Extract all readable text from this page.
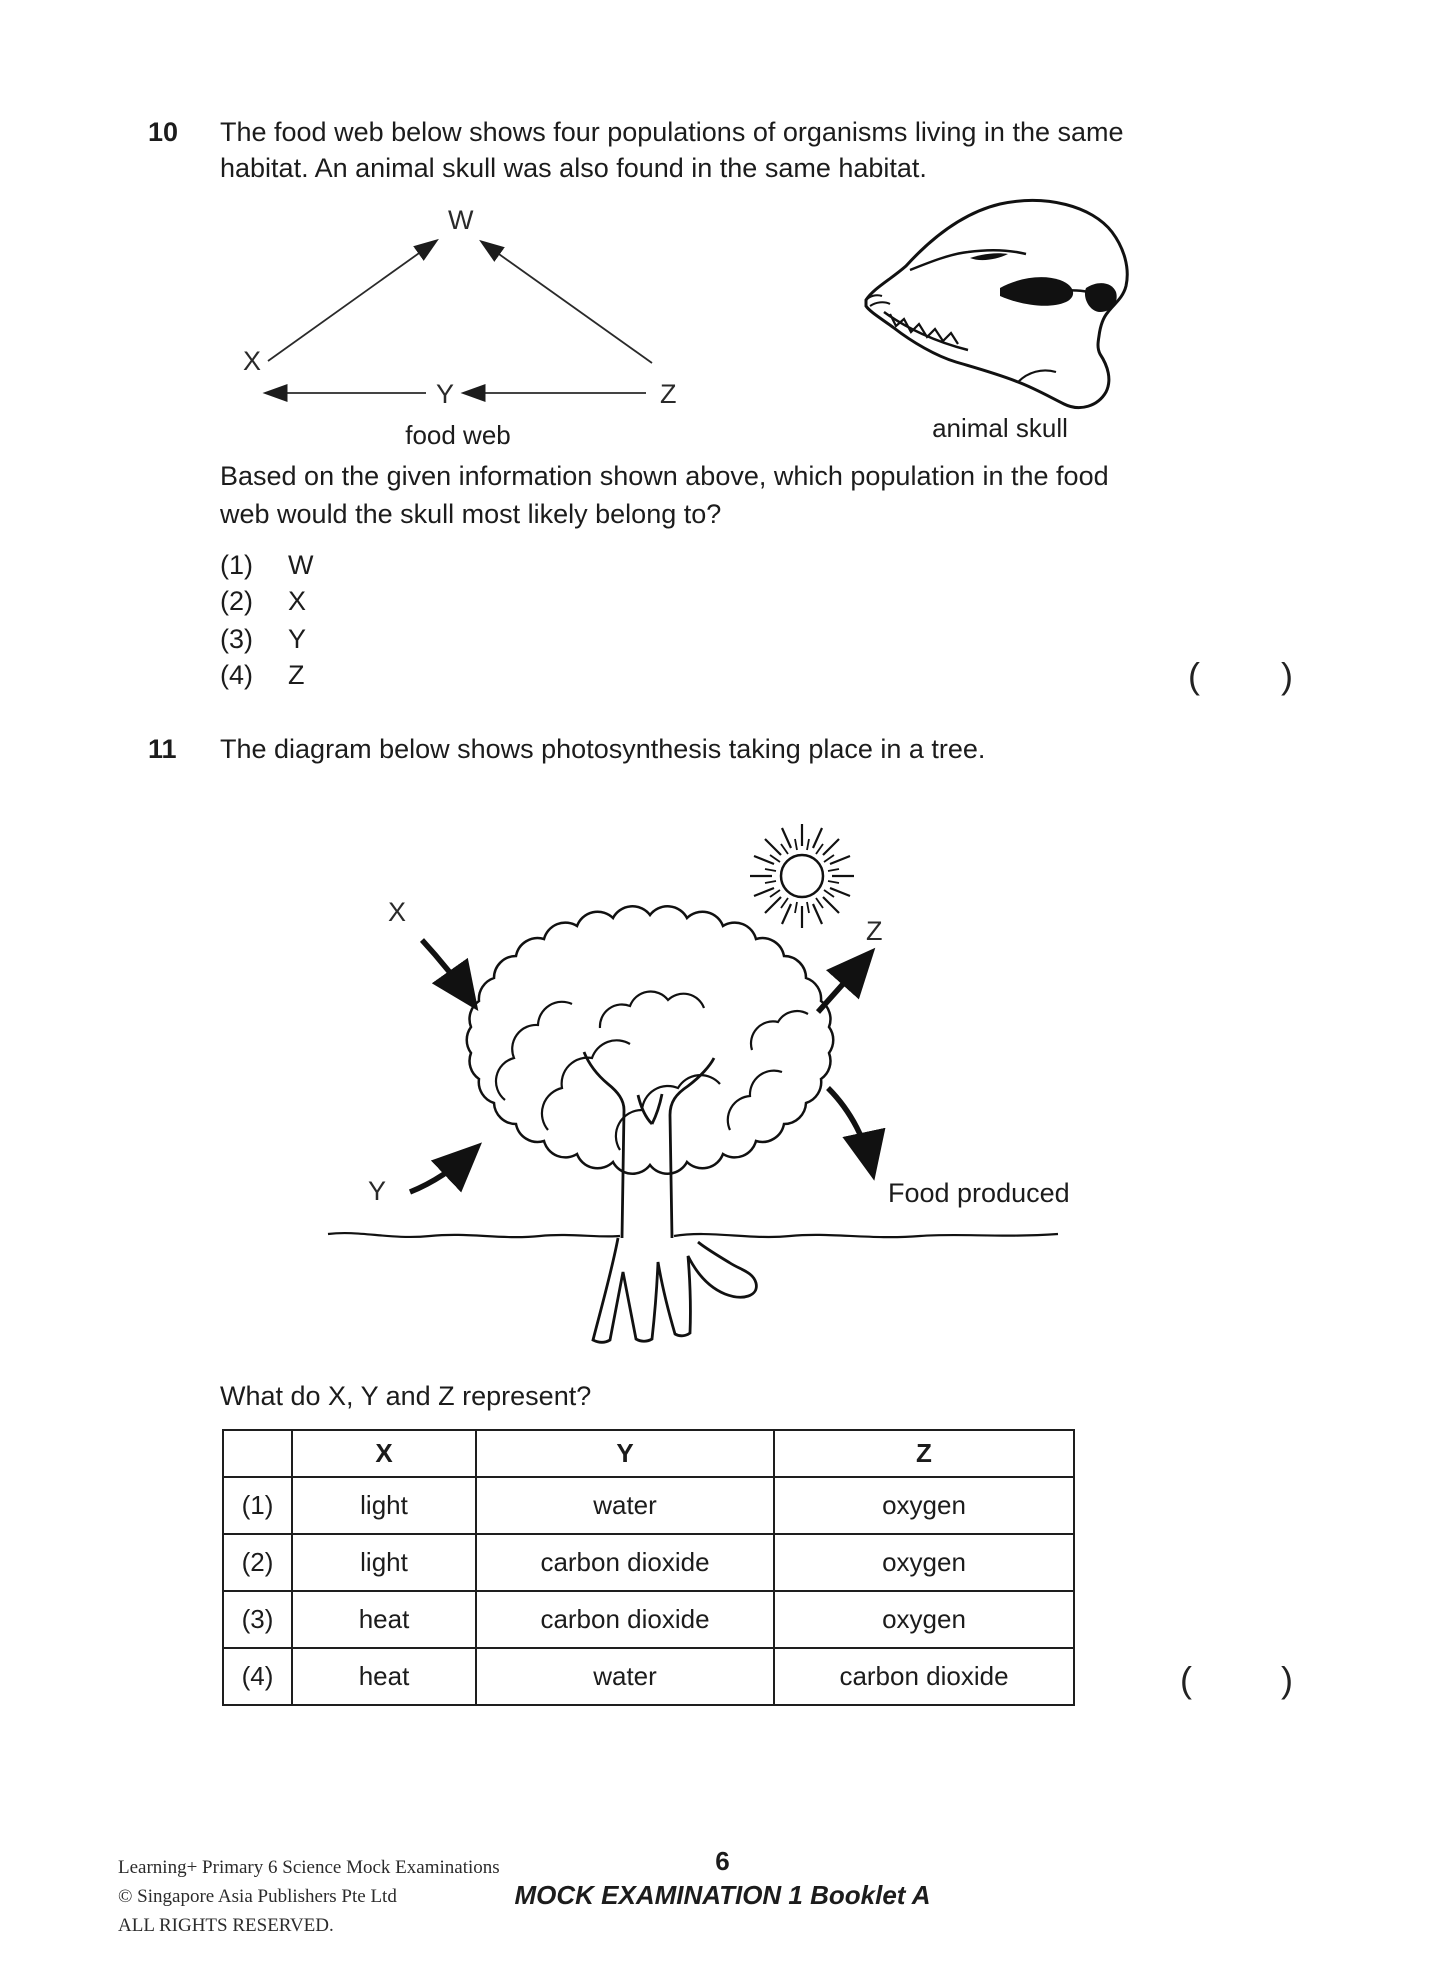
10 The food web below shows four populations of organisms living in the same
habitat. An animal skull was also found in the same habitat.
W
X
Y	Z
food web	animal skull
Based on the given information shown above, which population in the food
web would the skull most likely belong to?
(1) W
(2) X
(3) Y
(4) Z	( )
11 The diagram below shows photosynthesis taking place in a tree.
X
Z
Y	Food produced
What do X, Y and Z represent?
	X	Y	Z
(1)	light	water	oxygen
(2)	light	carbon dioxide	oxygen
(3)	heat	carbon dioxide	oxygen
(4)	heat	water	carbon dioxide	( )
Learning+ Primary 6 Science Mock Examinations
© Singapore Asia Publishers Pte Ltd
ALL RIGHTS RESERVED.
6
MOCK EXAMINATION 1 Booklet A
